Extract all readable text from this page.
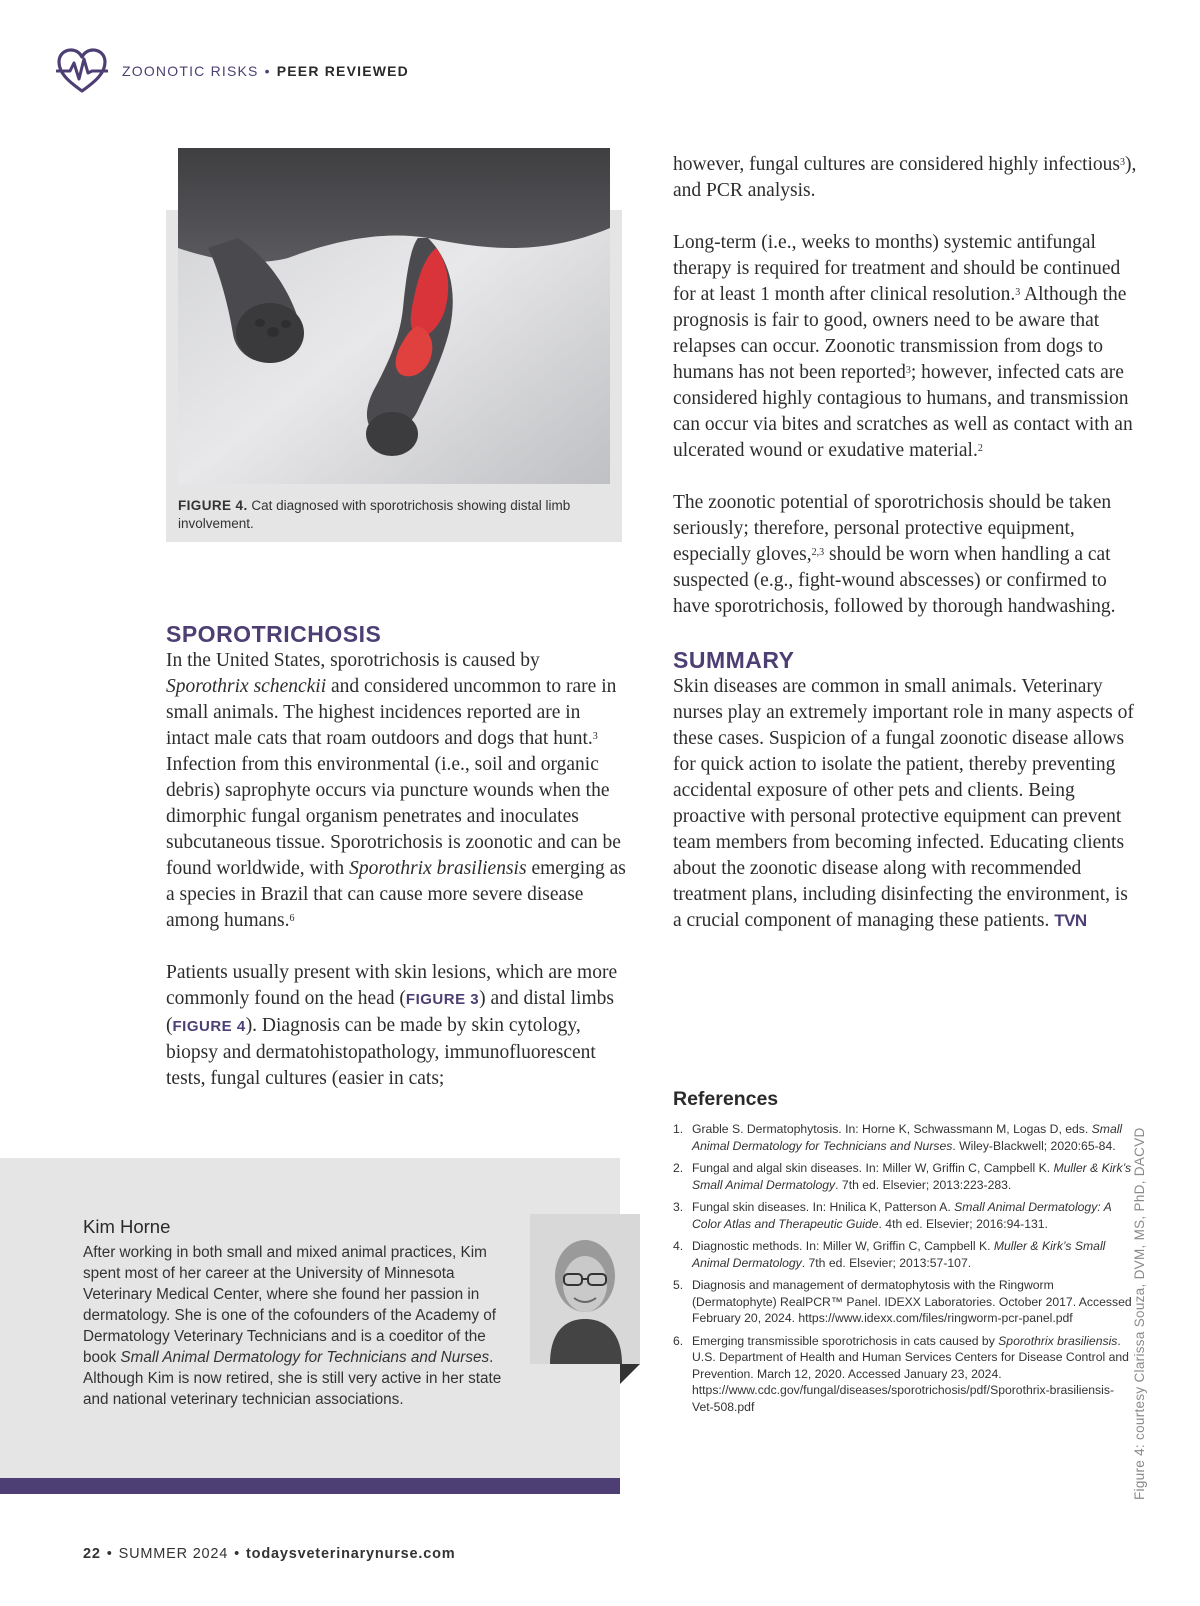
ZOONOTIC RISKS • PEER REVIEWED
FIGURE 4. Cat diagnosed with sporotrichosis showing distal limb involvement.
SPOROTRICHOSIS

In the United States, sporotrichosis is caused by Sporothrix schenckii and considered uncommon to rare in small animals. The highest incidences reported are in intact male cats that roam outdoors and dogs that hunt.$^3$ Infection from this environmental (i.e., soil and organic debris) saprophyte occurs via puncture wounds when the dimorphic fungal organism penetrates and inoculates subcutaneous tissue. Sporotrichosis is zoonotic and can be found worldwide, with Sporothrix brasiliensis emerging as a species in Brazil that can cause more severe disease among humans.$^6$

Patients usually present with skin lesions, which are more commonly found on the head (FIGURE 3) and distal limbs (FIGURE 4). Diagnosis can be made by skin cytology, biopsy and dermatohistopathology, immunofluorescent tests, fungal cultures (easier in cats;

however, fungal cultures are considered highly infectious$^3$), and PCR analysis.

Long-term (i.e., weeks to months) systemic antifungal therapy is required for treatment and should be continued for at least 1 month after clinical resolution.$^3$ Although the prognosis is fair to good, owners need to be aware that relapses can occur. Zoonotic transmission from dogs to humans has not been reported$^3$; however, infected cats are considered highly contagious to humans, and transmission can occur via bites and scratches as well as contact with an ulcerated wound or exudative material.$^2$

The zoonotic potential of sporotrichosis should be taken seriously; therefore, personal protective equipment, especially gloves,$^{2,3}$ should be worn when handling a cat suspected (e.g., fight-wound abscesses) or confirmed to have sporotrichosis, followed by thorough handwashing.

SUMMARY

Skin diseases are common in small animals. Veterinary nurses play an extremely important role in many aspects of these cases. Suspicion of a fungal zoonotic disease allows for quick action to isolate the patient, thereby preventing accidental exposure of other pets and clients. Being proactive with personal protective equipment can prevent team members from becoming infected. Educating clients about the zoonotic disease along with recommended treatment plans, including disinfecting the environment, is a crucial component of managing these patients. TVN

References
1. Grable S. Dermatophytosis. In: Horne K, Schwassmann M, Logas D, eds. Small Animal Dermatology for Technicians and Nurses. Wiley-Blackwell; 2020:65-84.
2. Fungal and algal skin diseases. In: Miller W, Griffin C, Campbell K. Muller & Kirk’s Small Animal Dermatology. 7th ed. Elsevier; 2013:223-283.
3. Fungal skin diseases. In: Hnilica K, Patterson A. Small Animal Dermatology: A Color Atlas and Therapeutic Guide. 4th ed. Elsevier; 2016:94-131.
4. Diagnostic methods. In: Miller W, Griffin C, Campbell K. Muller & Kirk’s Small Animal Dermatology. 7th ed. Elsevier; 2013:57-107.
5. Diagnosis and management of dermatophytosis with the Ringworm (Dermatophyte) RealPCR™ Panel. IDEXX Laboratories. October 2017. Accessed February 20, 2024. https://www.idexx.com/files/ringworm-pcr-panel.pdf
6. Emerging transmissible sporotrichosis in cats caused by Sporothrix brasiliensis. U.S. Department of Health and Human Services Centers for Disease Control and Prevention. March 12, 2020. Accessed January 23, 2024. https://www.cdc.gov/fungal/diseases/sporotrichosis/pdf/Sporothrix-brasiliensis-Vet-508.pdf
Kim Horne
After working in both small and mixed animal practices, Kim spent most of her career at the University of Minnesota Veterinary Medical Center, where she found her passion in dermatology. She is one of the cofounders of the Academy of Dermatology Veterinary Technicians and is a coeditor of the book Small Animal Dermatology for Technicians and Nurses. Although Kim is now retired, she is still very active in her state and national veterinary technician associations.	Figure 4: courtesy Clarissa Souza, DVM, MS, PhD, DACVD
22 • SUMMER 2024 • todaysveterinarynurse.com
